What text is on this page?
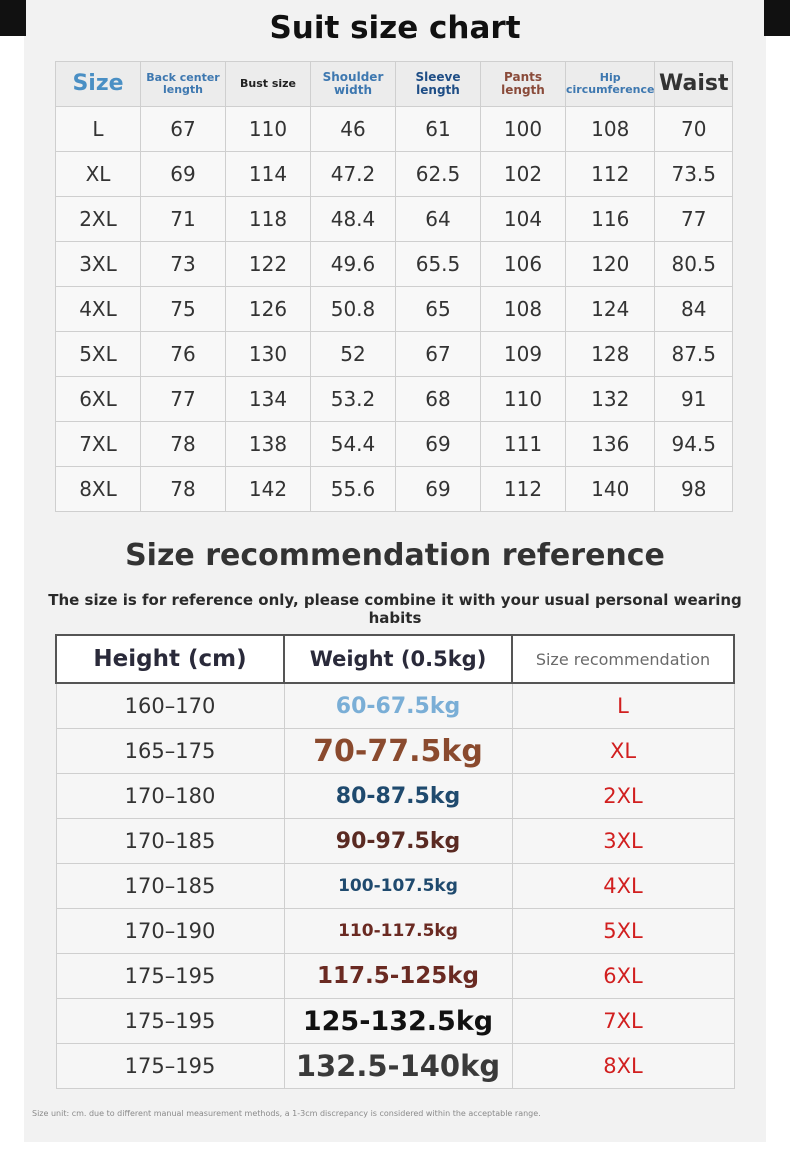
Suit size chart
Size	Back center length	Bust size	Shoulder width	Sleeve length	Pants length	Hip circumference	Waist
L	67	110	46	61	100	108	70
XL	69	114	47.2	62.5	102	112	73.5
2XL	71	118	48.4	64	104	116	77
3XL	73	122	49.6	65.5	106	120	80.5
4XL	75	126	50.8	65	108	124	84
5XL	76	130	52	67	109	128	87.5
6XL	77	134	53.2	68	110	132	91
7XL	78	138	54.4	69	111	136	94.5
8XL	78	142	55.6	69	112	140	98
Size recommendation reference
The size is for reference only, please combine it with your usual personal wearing habits
Height (cm)	Weight (0.5kg)	Size recommendation
160–170	60-67.5kg	L
165–175	70-77.5kg	XL
170–180	80-87.5kg	2XL
170–185	90-97.5kg	3XL
170–185	100-107.5kg	4XL
170–190	110-117.5kg	5XL
175–195	117.5-125kg	6XL
175–195	125-132.5kg	7XL
175–195	132.5-140kg	8XL
Size unit: cm. due to different manual measurement methods, a 1-3cm discrepancy is considered within the acceptable range.
